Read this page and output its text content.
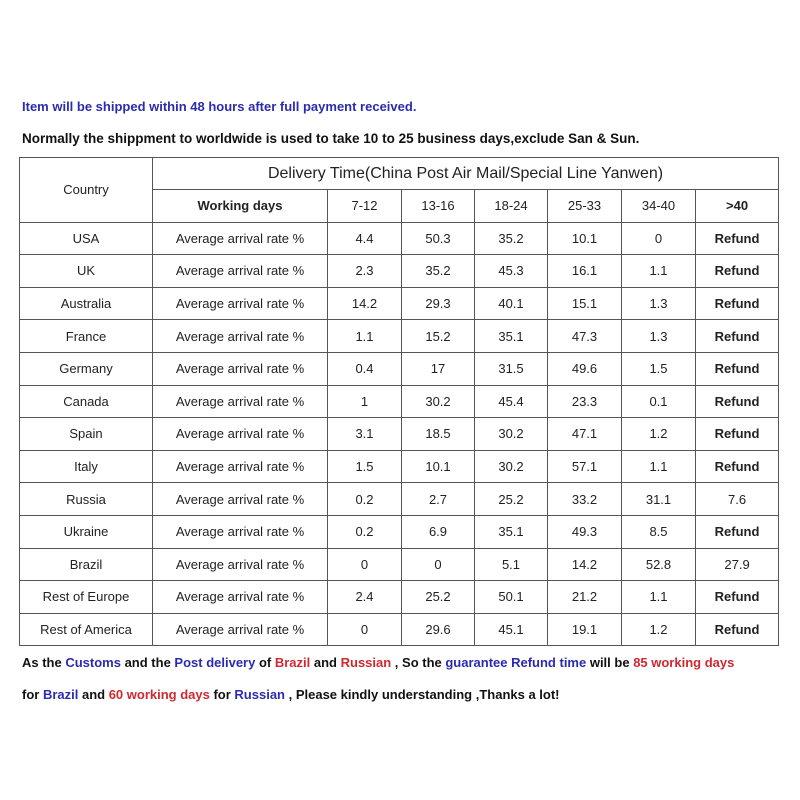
Item will be shipped within 48 hours after full payment received.
Normally the shippment to worldwide is used to take 10 to 25 business days,exclude San & Sun.
Country	Delivery Time(China Post Air Mail/Special Line Yanwen)						
	Working days	7-12	13-16	18-24	25-33	34-40	>40
USA	Average arrival rate %	4.4	50.3	35.2	10.1	0	Refund
UK	Average arrival rate %	2.3	35.2	45.3	16.1	1.1	Refund
Australia	Average arrival rate %	14.2	29.3	40.1	15.1	1.3	Refund
France	Average arrival rate %	1.1	15.2	35.1	47.3	1.3	Refund
Germany	Average arrival rate %	0.4	17	31.5	49.6	1.5	Refund
Canada	Average arrival rate %	1	30.2	45.4	23.3	0.1	Refund
Spain	Average arrival rate %	3.1	18.5	30.2	47.1	1.2	Refund
Italy	Average arrival rate %	1.5	10.1	30.2	57.1	1.1	Refund
Russia	Average arrival rate %	0.2	2.7	25.2	33.2	31.1	7.6
Ukraine	Average arrival rate %	0.2	6.9	35.1	49.3	8.5	Refund
Brazil	Average arrival rate %	0	0	5.1	14.2	52.8	27.9
Rest of Europe	Average arrival rate %	2.4	25.2	50.1	21.2	1.1	Refund
Rest of America	Average arrival rate %	0	29.6	45.1	19.1	1.2	Refund
As the Customs and the Post delivery of Brazil and Russian , So the guarantee Refund time will be 85 working days
for Brazil and 60 working days for Russian , Please kindly understanding ,Thanks a lot!
